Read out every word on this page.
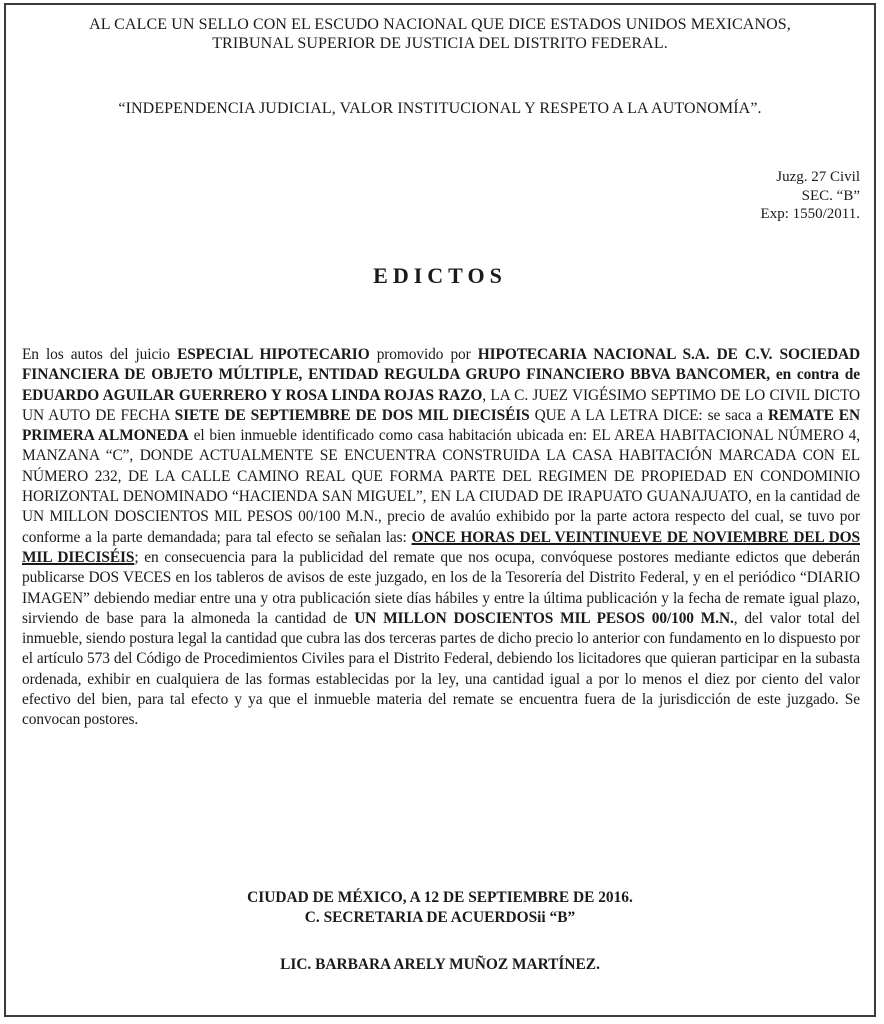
AL CALCE UN SELLO CON EL ESCUDO NACIONAL QUE DICE ESTADOS UNIDOS MEXICANOS,
TRIBUNAL SUPERIOR DE JUSTICIA DEL DISTRITO FEDERAL.
“INDEPENDENCIA JUDICIAL, VALOR INSTITUCIONAL Y RESPETO A LA AUTONOMÍA”.
Juzg. 27 Civil
SEC. “B”
Exp: 1550/2011.
EDICTOS
En los autos del juicio ESPECIAL HIPOTECARIO promovido por HIPOTECARIA NACIONAL S.A. DE C.V. SOCIEDAD FINANCIERA DE OBJETO MÚLTIPLE, ENTIDAD REGULDA GRUPO FINANCIERO BBVA BANCOMER, en contra de EDUARDO AGUILAR GUERRERO Y ROSA LINDA ROJAS RAZO, LA C. JUEZ VIGÉSIMO SEPTIMO DE LO CIVIL DICTO UN AUTO DE FECHA SIETE DE SEPTIEMBRE DE DOS MIL DIECISÉIS QUE A LA LETRA DICE: se saca a REMATE EN PRIMERA ALMONEDA el bien inmueble identificado como casa habitación ubicada en: EL AREA HABITACIONAL NÚMERO 4, MANZANA “C”, DONDE ACTUALMENTE SE ENCUENTRA CONSTRUIDA LA CASA HABITACIÓN MARCADA CON EL NÚMERO 232, DE LA CALLE CAMINO REAL QUE FORMA PARTE DEL REGIMEN DE PROPIEDAD EN CONDOMINIO HORIZONTAL DENOMINADO “HACIENDA SAN MIGUEL”, EN LA CIUDAD DE IRAPUATO GUANAJUATO, en la cantidad de UN MILLON DOSCIENTOS MIL PESOS 00/100 M.N., precio de avalúo exhibido por la parte actora respecto del cual, se tuvo por conforme a la parte demandada; para tal efecto se señalan las: ONCE HORAS DEL VEINTINUEVE DE NOVIEMBRE DEL DOS MIL DIECISÉIS; en consecuencia para la publicidad del remate que nos ocupa, convóquese postores mediante edictos que deberán publicarse DOS VECES en los tableros de avisos de este juzgado, en los de la Tesorería del Distrito Federal, y en el periódico “DIARIO IMAGEN” debiendo mediar entre una y otra publicación siete días hábiles y entre la última publicación y la fecha de remate igual plazo, sirviendo de base para la almoneda la cantidad de UN MILLON DOSCIENTOS MIL PESOS 00/100 M.N., del valor total del inmueble, siendo postura legal la cantidad que cubra las dos terceras partes de dicho precio lo anterior con fundamento en lo dispuesto por el artículo 573 del Código de Procedimientos Civiles para el Distrito Federal, debiendo los licitadores que quieran participar en la subasta ordenada, exhibir en cualquiera de las formas establecidas por la ley, una cantidad igual a por lo menos el diez por ciento del valor efectivo del bien, para tal efecto y ya que el inmueble materia del remate se encuentra fuera de la jurisdicción de este juzgado. Se convocan postores.
CIUDAD DE MÉXICO, A 12 DE SEPTIEMBRE DE 2016.
C. SECRETARIA DE ACUERDOSii “B”
LIC. BARBARA ARELY MUÑOZ MARTÍNEZ.
